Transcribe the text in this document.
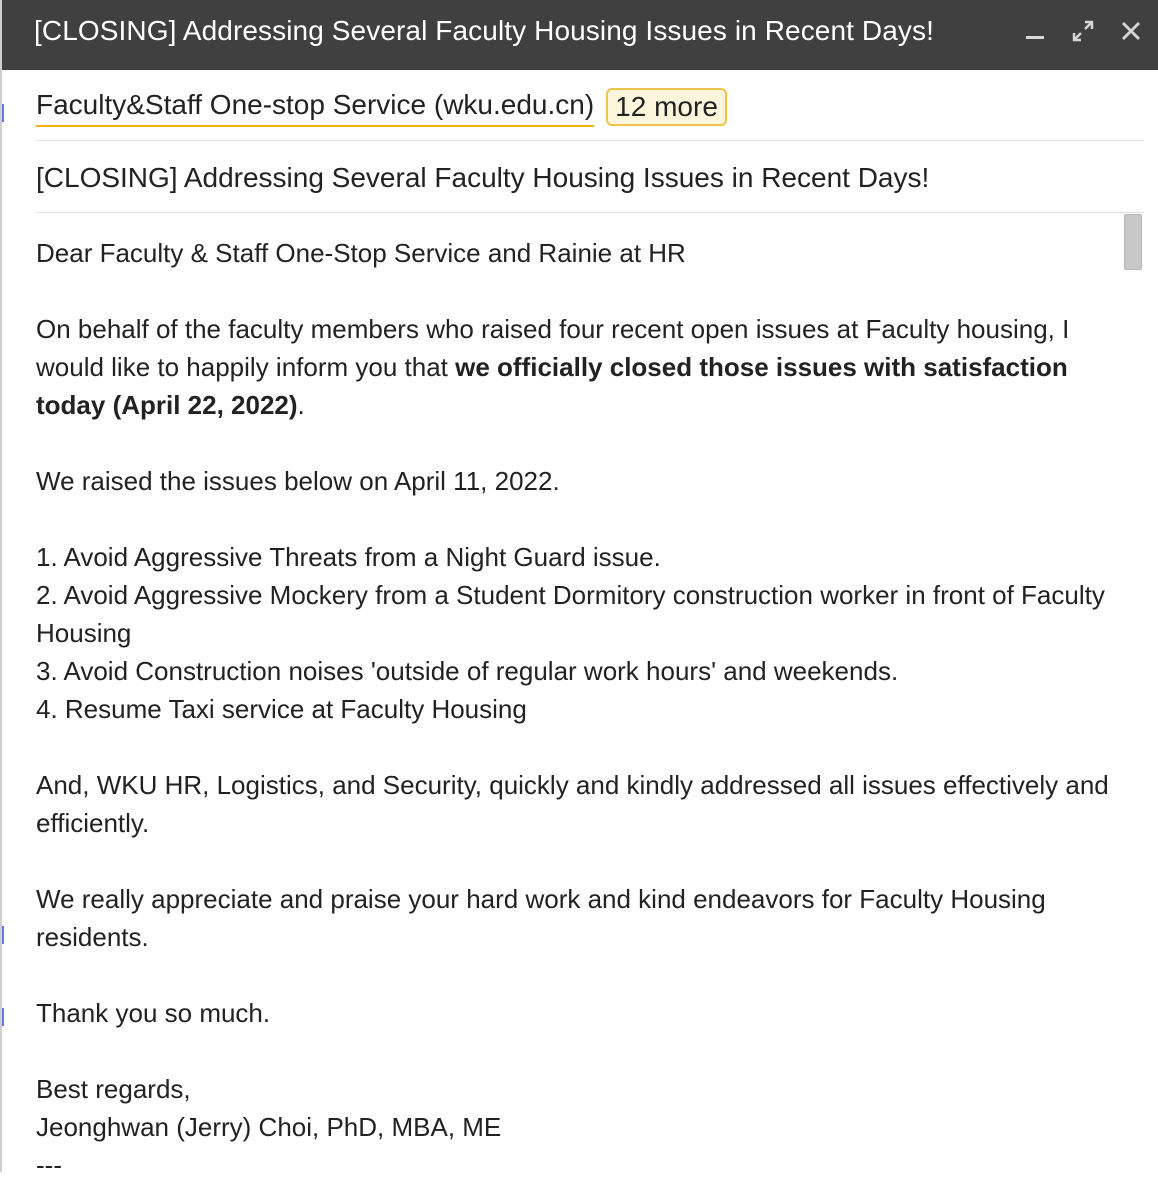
[CLOSING] Addressing Several Faculty Housing Issues in Recent Days!
Faculty&Staff One-stop Service (wku.edu.cn) 12 more
[CLOSING] Addressing Several Faculty Housing Issues in Recent Days!

Dear Faculty & Staff One-Stop Service and Rainie at HR

On behalf of the faculty members who raised four recent open issues at Faculty housing, I would like to happily inform you that we officially closed those issues with satisfaction today (April 22, 2022).

We raised the issues below on April 11, 2022.

1. Avoid Aggressive Threats from a Night Guard issue.

2. Avoid Aggressive Mockery from a Student Dormitory construction worker in front of Faculty Housing

3. Avoid Construction noises 'outside of regular work hours' and weekends.

4. Resume Taxi service at Faculty Housing

And, WKU HR, Logistics, and Security, quickly and kindly addressed all issues effectively and efficiently.

We really appreciate and praise your hard work and kind endeavors for Faculty Housing residents.

Thank you so much.

Best regards,

Jeonghwan (Jerry) Choi, PhD, MBA, ME

---
